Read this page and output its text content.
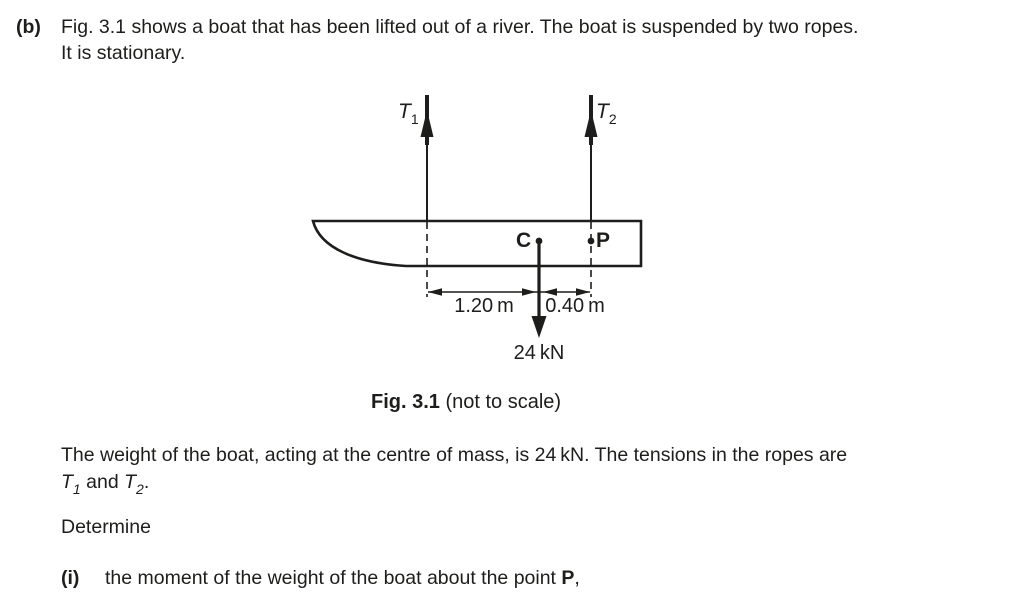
(b) Fig. 3.1 shows a boat that has been lifted out of a river. The boat is suspended by two ropes.
It is stationary.
$T_1$	$T_2$
C	P
1.20 m 0.40 m
24 kN
Fig. 3.1 (not to scale)
The weight of the boat, acting at the centre of mass, is 24 kN. The tensions in the ropes are
$T_1$ and $T_2$.
Determine
(i) the moment of the weight of the boat about the point P,
